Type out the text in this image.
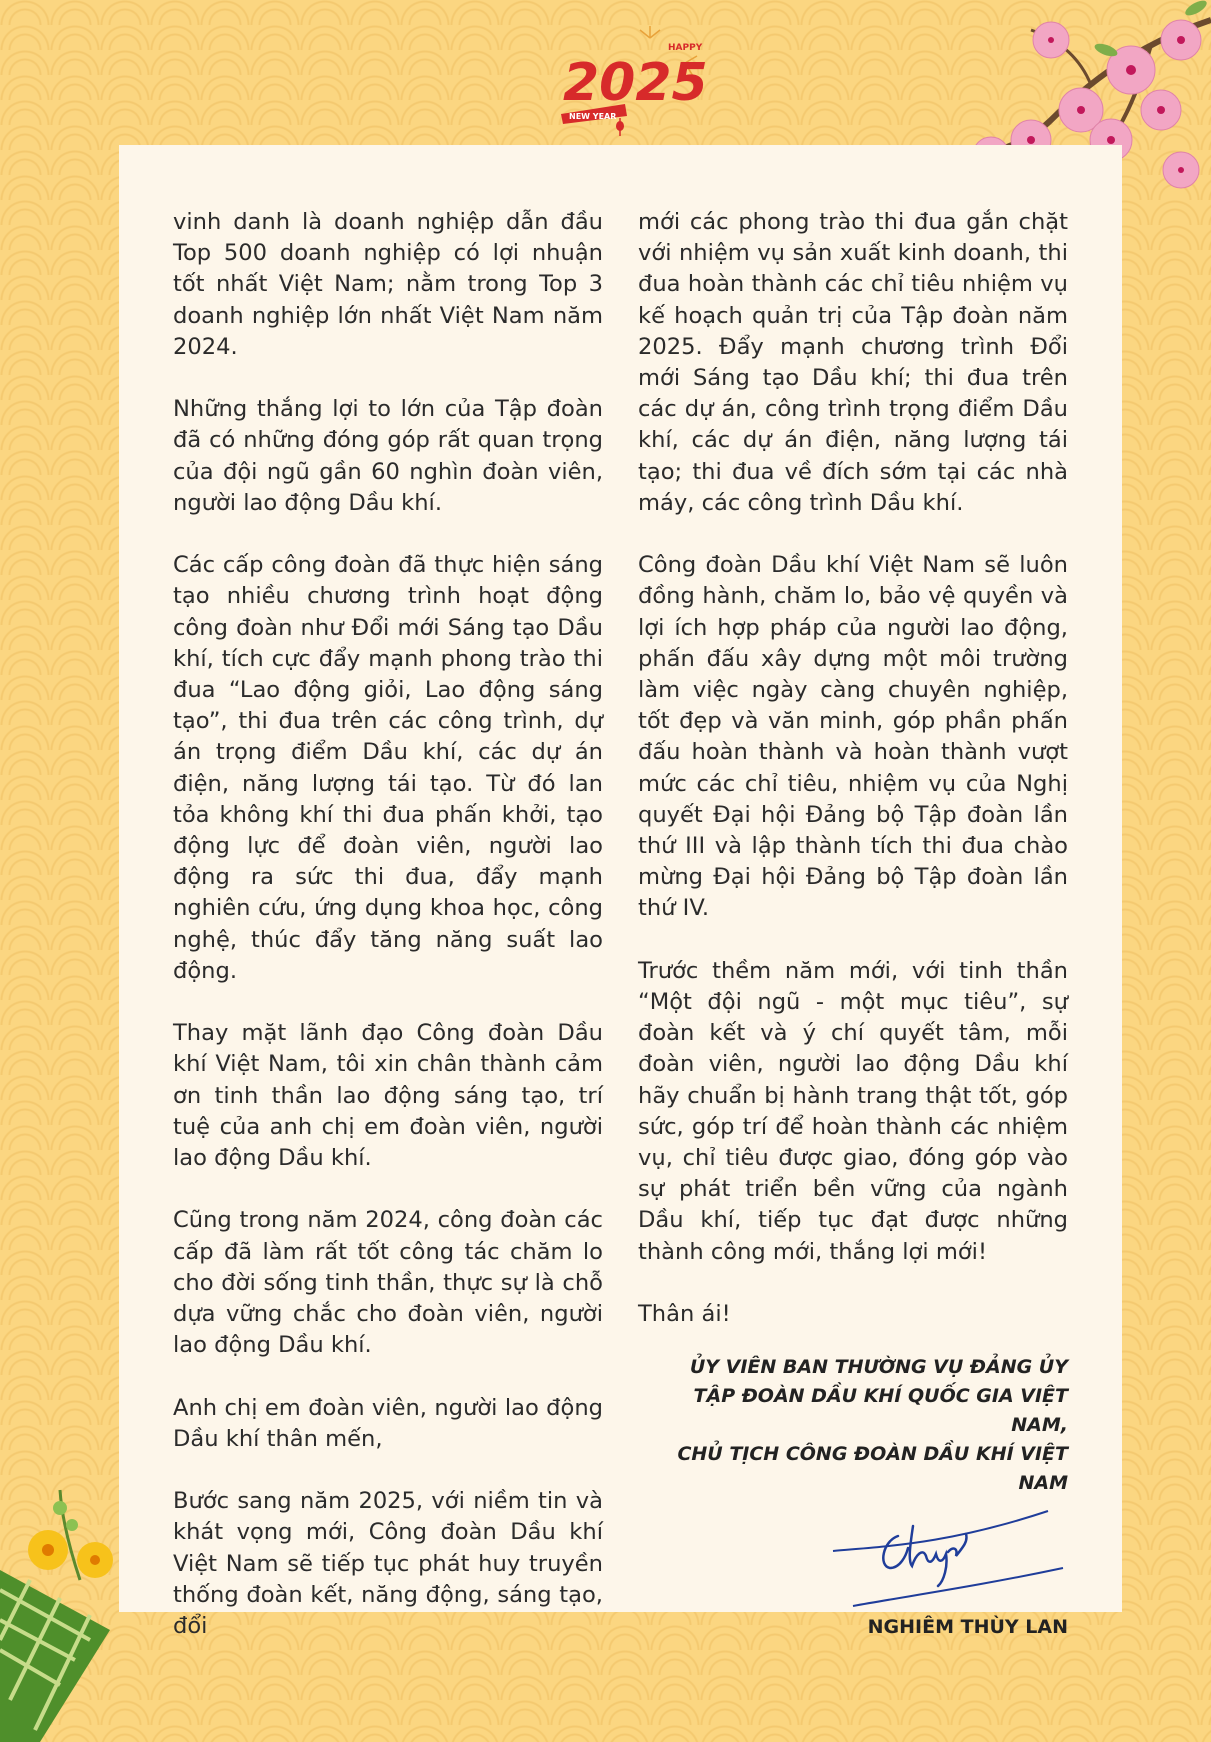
HAPPY
2025
NEW YEAR

vinh danh là doanh nghiệp dẫn đầu Top 500 doanh nghiệp có lợi nhuận tốt nhất Việt Nam; nằm trong Top 3 doanh nghiệp lớn nhất Việt Nam năm 2024.

Những thắng lợi to lớn của Tập đoàn đã có những đóng góp rất quan trọng của đội ngũ gần 60 nghìn đoàn viên, người lao động Dầu khí.

Các cấp công đoàn đã thực hiện sáng tạo nhiều chương trình hoạt động công đoàn như Đổi mới Sáng tạo Dầu khí, tích cực đẩy mạnh phong trào thi đua “Lao động giỏi, Lao động sáng tạo”, thi đua trên các công trình, dự án trọng điểm Dầu khí, các dự án điện, năng lượng tái tạo. Từ đó lan tỏa không khí thi đua phấn khởi, tạo động lực để đoàn viên, người lao động ra sức thi đua, đẩy mạnh nghiên cứu, ứng dụng khoa học, công nghệ, thúc đẩy tăng năng suất lao động.

Thay mặt lãnh đạo Công đoàn Dầu khí Việt Nam, tôi xin chân thành cảm ơn tinh thần lao động sáng tạo, trí tuệ của anh chị em đoàn viên, người lao động Dầu khí.

Cũng trong năm 2024, công đoàn các cấp đã làm rất tốt công tác chăm lo cho đời sống tinh thần, thực sự là chỗ dựa vững chắc cho đoàn viên, người lao động Dầu khí.

Anh chị em đoàn viên, người lao động Dầu khí thân mến,

Bước sang năm 2025, với niềm tin và khát vọng mới, Công đoàn Dầu khí Việt Nam sẽ tiếp tục phát huy truyền thống đoàn kết, năng động, sáng tạo, đổi

mới các phong trào thi đua gắn chặt với nhiệm vụ sản xuất kinh doanh, thi đua hoàn thành các chỉ tiêu nhiệm vụ kế hoạch quản trị của Tập đoàn năm 2025. Đẩy mạnh chương trình Đổi mới Sáng tạo Dầu khí; thi đua trên các dự án, công trình trọng điểm Dầu khí, các dự án điện, năng lượng tái tạo; thi đua về đích sớm tại các nhà máy, các công trình Dầu khí.

Công đoàn Dầu khí Việt Nam sẽ luôn đồng hành, chăm lo, bảo vệ quyền và lợi ích hợp pháp của người lao động, phấn đấu xây dựng một môi trường làm việc ngày càng chuyên nghiệp, tốt đẹp và văn minh, góp phần phấn đấu hoàn thành và hoàn thành vượt mức các chỉ tiêu, nhiệm vụ của Nghị quyết Đại hội Đảng bộ Tập đoàn lần thứ III và lập thành tích thi đua chào mừng Đại hội Đảng bộ Tập đoàn lần thứ IV.

Trước thềm năm mới, với tinh thần “Một đội ngũ - một mục tiêu”, sự đoàn kết và ý chí quyết tâm, mỗi đoàn viên, người lao động Dầu khí hãy chuẩn bị hành trang thật tốt, góp sức, góp trí để hoàn thành các nhiệm vụ, chỉ tiêu được giao, đóng góp vào sự phát triển bền vững của ngành Dầu khí, tiếp tục đạt được những thành công mới, thắng lợi mới!

Thân ái!

ỦY VIÊN BAN THƯỜNG VỤ ĐẢNG ỦY
TẬP ĐOÀN DẦU KHÍ QUỐC GIA VIỆT NAM,
CHỦ TỊCH CÔNG ĐOÀN DẦU KHÍ VIỆT NAM
NGHIÊM THÙY LAN
